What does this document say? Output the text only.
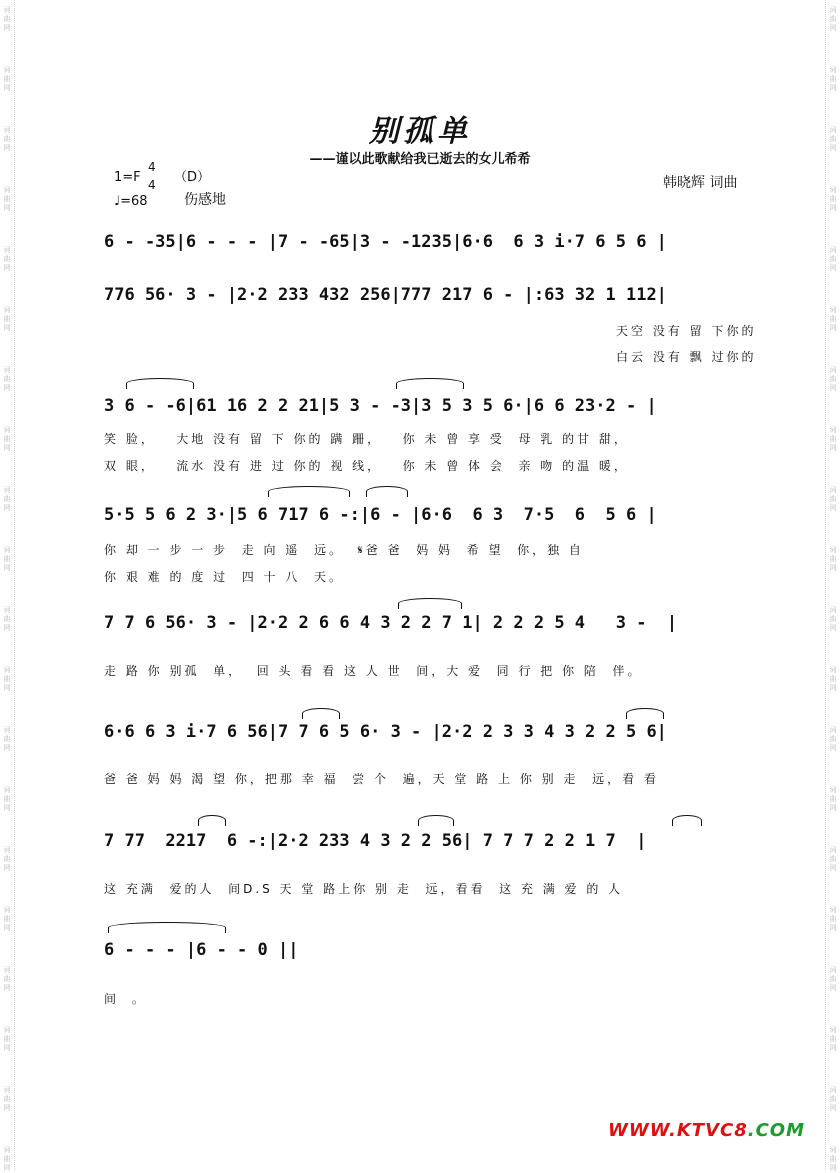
词
曲
网
词
曲
网
词
曲
网
词
曲
网
词
曲
网
词
曲
网
词
曲
网
词
曲
网
词
曲
网
词
曲
网
词
曲
网
词
曲
网
词
曲
网
词
曲
网
词
曲
网
词
曲
网
词
曲
网
词
曲
网
词
曲
网
词
曲
网
词
曲
网
词
曲
网
词
曲
网
词
曲
网
词
曲
网
词
曲
网
词
曲
网
词
曲
网
词
曲
网
词
曲
网
词
曲
网
词
曲
网
词
曲
网
词
曲
网
词
曲
网
词
曲
网
词
曲
网
词
曲
网
词
曲
网
词
曲
网
别孤单
——谨以此歌献给我已逝去的女儿希希
1=F
4
4 （D）
♩=68	伤感地
韩晓辉 词曲
6 - -35|6 - - - |7 - -65|3 - -1235|6·6  6 3 i·7 6 5 6 |
776 56· 3 - |2·2 233 432 256|777 217 6 - |:63 32 1 112|
天空 没有 留 下你的
白云 没有 飘 过你的
3 6 - -6|61 16 2 2 21|5 3 - -3|3 5 3 5 6·|6 6 23·2 - |
笑 脸，   大地 没有 留 下 你的 蹒 跚，   你 未 曾 享 受  母 乳 的甘 甜，
双 眼，   流水 没有 进 过 你的 视 线，   你 未 曾 体 会  亲 吻 的温 暖，
5·5 5 6 2 3·|5 6 717 6 -:|6 - |6·6  6 3  7·5  6  5 6 |
你 却 一 步 一 步  走 向 遥  远。  𝄋爸 爸  妈 妈  希 望  你，独 自
你 艰 难 的 度 过  四 十 八  天。
7 7 6 56· 3 - |2·2 2 6 6 4 3 2 2 7 1| 2 2 2 5 4   3 -  |
走 路 你 别孤  单，  回 头 看 看 这 人 世  间，大 爱  同 行 把 你 陪  伴。
6·6 6 3 i·7 6 56|7 7 6 5 6· 3 - |2·2 2 3 3 4 3 2 2 5 6|
爸 爸 妈 妈 渴 望 你，把那 幸 福  尝 个  遍，天 堂 路 上 你 别 走  远，看 看
7 77  2217  6 -:|2·2 233 4 3 2 2 56| 7 7 7 2 2 1 7  |
这 充满  爱的人  间D.S 天 堂 路上你 别 走  远，看看  这 充 满 爱 的 人
6 - - - |6 - - 0 ||
间 。
WWW.KTVC8.COM
